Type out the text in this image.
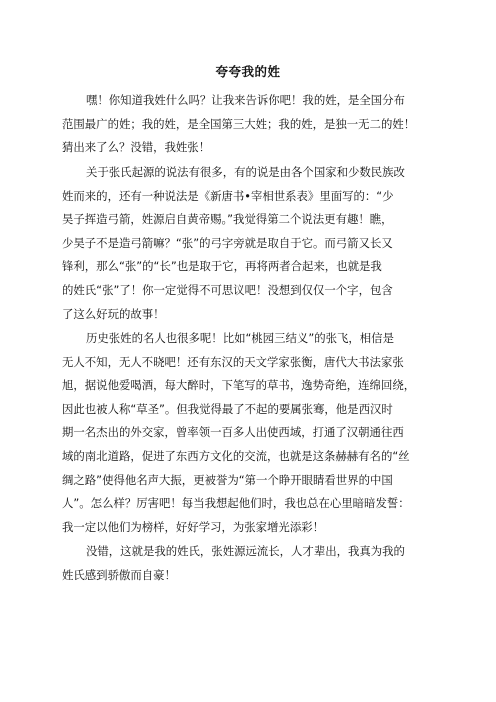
夸夸我的姓
嘿！你知道我姓什么吗？让我来告诉你吧！我的姓，是全国分布
范围最广的姓；我的姓，是全国第三大姓；我的姓，是独一无二的姓！
猜出来了么？没错，我姓张！
关于张氏起源的说法有很多，有的说是由各个国家和少数民族改
姓而来的，还有一种说法是《新唐书•宰相世系表》里面写的：“少
昊子挥造弓箭，姓源启自黄帝赐。”我觉得第二个说法更有趣！瞧，
少昊子不是造弓箭嘛？“张”的弓字旁就是取自于它。而弓箭又长又
锋利，那么“张”的“长”也是取于它，再将两者合起来，也就是我
的姓氏“张”了！你一定觉得不可思议吧！没想到仅仅一个字，包含
了这么好玩的故事！
历史张姓的名人也很多呢！比如“桃园三结义”的张飞，相信是
无人不知，无人不晓吧！还有东汉的天文学家张衡，唐代大书法家张
旭，据说他爱喝酒，每大醉时，下笔写的草书，逸势奇绝，连绵回绕，
因此也被人称“草圣”。但我觉得最了不起的要属张骞，他是西汉时
期一名杰出的外交家，曾率领一百多人出使西域，打通了汉朝通往西
域的南北道路，促进了东西方文化的交流，也就是这条赫赫有名的“丝
绸之路”使得他名声大振，更被誉为“第一个睁开眼睛看世界的中国
人”。怎么样？厉害吧！每当我想起他们时，我也总在心里暗暗发誓：
我一定以他们为榜样，好好学习，为张家增光添彩！
没错，这就是我的姓氏，张姓源远流长，人才辈出，我真为我的
姓氏感到骄傲而自豪！
